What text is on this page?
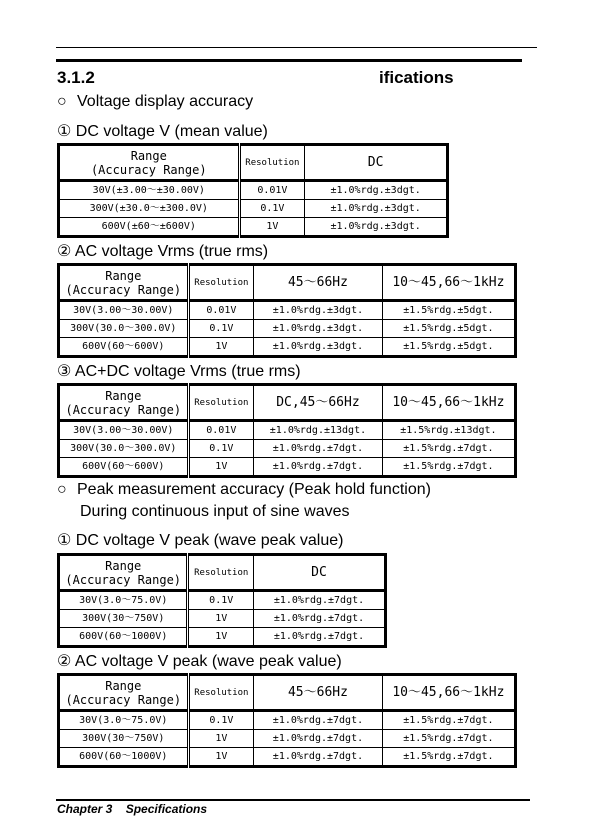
3.1.2	ifications
○ Voltage display accuracy
① DC voltage V (mean value)
Range
(Accuracy Range)	Resolution	DC
30V(±3.00～±30.00V)	0.01V	±1.0%rdg.±3dgt.
300V(±30.0～±300.0V)	0.1V	±1.0%rdg.±3dgt.
600V(±60～±600V)	1V	±1.0%rdg.±3dgt.
② AC voltage Vrms (true rms)
Range
(Accuracy Range)	Resolution	45～66Hz	10～45,66～1kHz
30V(3.00～30.00V)	0.01V	±1.0%rdg.±3dgt.	±1.5%rdg.±5dgt.
300V(30.0～300.0V)	0.1V	±1.0%rdg.±3dgt.	±1.5%rdg.±5dgt.
600V(60～600V)	1V	±1.0%rdg.±3dgt.	±1.5%rdg.±5dgt.
③ AC+DC voltage Vrms (true rms)
Range
(Accuracy Range)	Resolution	DC,45～66Hz	10～45,66～1kHz
30V(3.00～30.00V)	0.01V	±1.0%rdg.±13dgt.	±1.5%rdg.±13dgt.
300V(30.0～300.0V)	0.1V	±1.0%rdg.±7dgt.	±1.5%rdg.±7dgt.
600V(60～600V)	1V	±1.0%rdg.±7dgt.	±1.5%rdg.±7dgt.
○ Peak measurement accuracy (Peak hold function)
During continuous input of sine waves
① DC voltage V peak (wave peak value)
Range
(Accuracy Range)	Resolution	DC
30V(3.0～75.0V)	0.1V	±1.0%rdg.±7dgt.
300V(30～750V)	1V	±1.0%rdg.±7dgt.
600V(60～1000V)	1V	±1.0%rdg.±7dgt.
② AC voltage V peak (wave peak value)
Range
(Accuracy Range)	Resolution	45～66Hz	10～45,66～1kHz
30V(3.0～75.0V)	0.1V	±1.0%rdg.±7dgt.	±1.5%rdg.±7dgt.
300V(30～750V)	1V	±1.0%rdg.±7dgt.	±1.5%rdg.±7dgt.
600V(60～1000V)	1V	±1.0%rdg.±7dgt.	±1.5%rdg.±7dgt.
Chapter 3 Specifications
